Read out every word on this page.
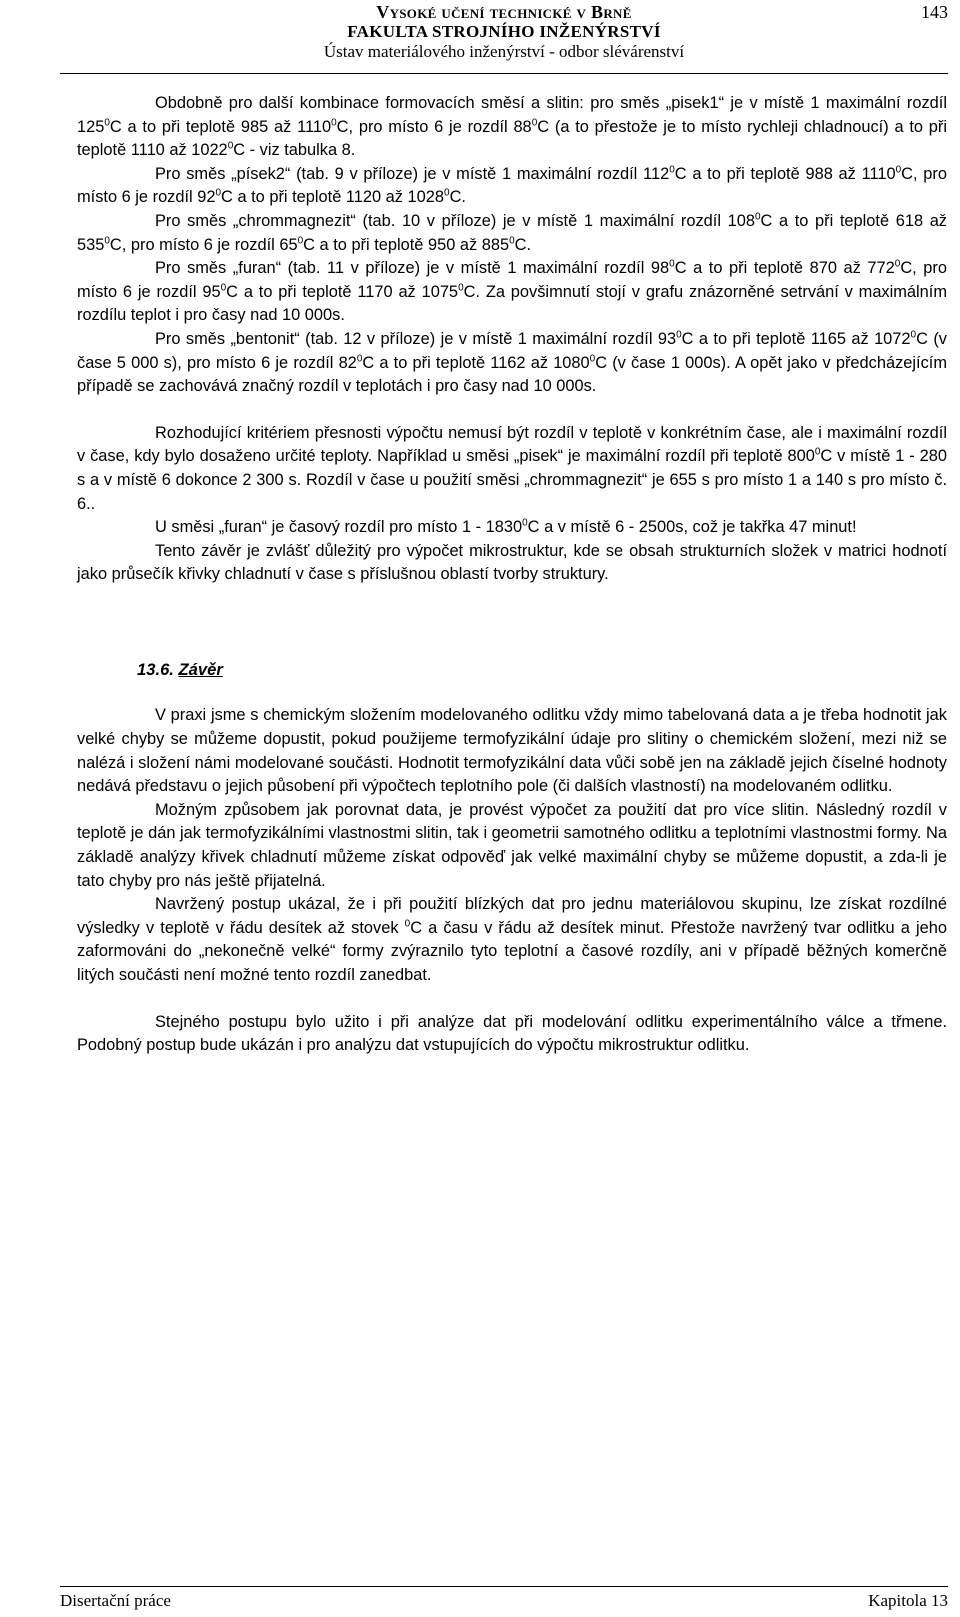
Vysoké učení technické v Brně
FAKULTA STROJNÍHO INŽENÝRSTVÍ
Ústav materiálového inženýrství - odbor slévárenství
143

Obdobně pro další kombinace formovacích směsí a slitin: pro směs „pisek1“ je v místě 1 maximální rozdíl $125^0C$ a to při teplotě 985 až 1110$^0$C, pro místo 6 je rozdíl $88^0C$ (a to přestože je to místo rychleji chladnoucí) a to při teplotě 1110 až 1022$^0$C - viz tabulka 8.

Pro směs „písek2“ (tab. 9 v příloze) je v místě 1 maximální rozdíl $112^0C$ a to při teplotě 988 až 1110$^0$C, pro místo 6 je rozdíl $92^0C$ a to při teplotě 1120 až 1028$^0$C.

Pro směs „chrommagnezit“ (tab. 10 v příloze) je v místě 1 maximální rozdíl $108^0C$ a to při teplotě 618 až $535^0C$, pro místo 6 je rozdíl $65^0C$ a to při teplotě 950 až $885^0C$.

Pro směs „furan“ (tab. 11 v příloze) je v místě 1 maximální rozdíl $98^0C$ a to při teplotě 870 až $772^0C$, pro místo 6 je rozdíl $95^0C$ a to při teplotě 1170 až 1075$^0$C. Za povšimnutí stojí v grafu znázorněné setrvání v maximálním rozdílu teplot i pro časy nad 10 000s.

Pro směs „bentonit“ (tab. 12 v příloze) je v místě 1 maximální rozdíl $93^0C$ a to při teplotě 1165 až 1072$^0$C (v čase 5 000 s), pro místo 6 je rozdíl $82^0C$ a to při teplotě 1162 až 1080$^0$C (v čase 1 000s). A opět jako v předcházejícím případě se zachovává značný rozdíl v teplotách i pro časy nad 10 000s.

Rozhodující kritériem přesnosti výpočtu nemusí být rozdíl v teplotě v konkrétním čase, ale i maximální rozdíl v čase, kdy bylo dosaženo určité teploty. Například u směsi „pisek“ je maximální rozdíl při teplotě $800^0C$ v místě 1 - 280 s a v místě 6 dokonce 2 300 s. Rozdíl v čase u použití směsi „chrommagnezit“ je 655 s pro místo 1 a 140 s pro místo č. 6..

U směsi „furan“ je časový rozdíl pro místo 1 - 1830$^0$C a v místě 6 - 2500s, což je takřka 47 minut!

Tento závěr je zvlášť důležitý pro výpočet mikrostruktur, kde se obsah strukturních složek v matrici hodnotí jako průsečík křivky chladnutí v čase s příslušnou oblastí tvorby struktury.

13.6. Závěr

V praxi jsme s chemickým složením modelovaného odlitku vždy mimo tabelovaná data a je třeba hodnotit jak velké chyby se můžeme dopustit, pokud použijeme termofyzikální údaje pro slitiny o chemickém složení, mezi niž se nalézá i složení námi modelované součásti. Hodnotit termofyzikální data vůči sobě jen na základě jejich číselné hodnoty nedává představu o jejich působení při výpočtech teplotního pole (či dalších vlastností) na modelovaném odlitku.

Možným způsobem jak porovnat data, je provést výpočet za použití dat pro více slitin. Následný rozdíl v teplotě je dán jak termofyzikálními vlastnostmi slitin, tak i geometrii samotného odlitku a teplotními vlastnostmi formy. Na základě analýzy křivek chladnutí můžeme získat odpověď jak velké maximální chyby se můžeme dopustit, a zda-li je tato chyby pro nás ještě přijatelná.

Navržený postup ukázal, že i při použití blízkých dat pro jednu materiálovou skupinu, lze získat rozdílné výsledky v teplotě v řádu desítek až stovek $^0$C a času v řádu až desítek minut. Přestože navržený tvar odlitku a jeho zaformováni do „nekonečně velké“ formy zvýraznilo tyto teplotní a časové rozdíly, ani v případě běžných komerčně litých součásti není možné tento rozdíl zanedbat.

Stejného postupu bylo užito i při analýze dat při modelování odlitku experimentálního válce a třmene. Podobný postup bude ukázán i pro analýzu dat vstupujících do výpočtu mikrostruktur odlitku.

Disertační práce	Kapitola 13
